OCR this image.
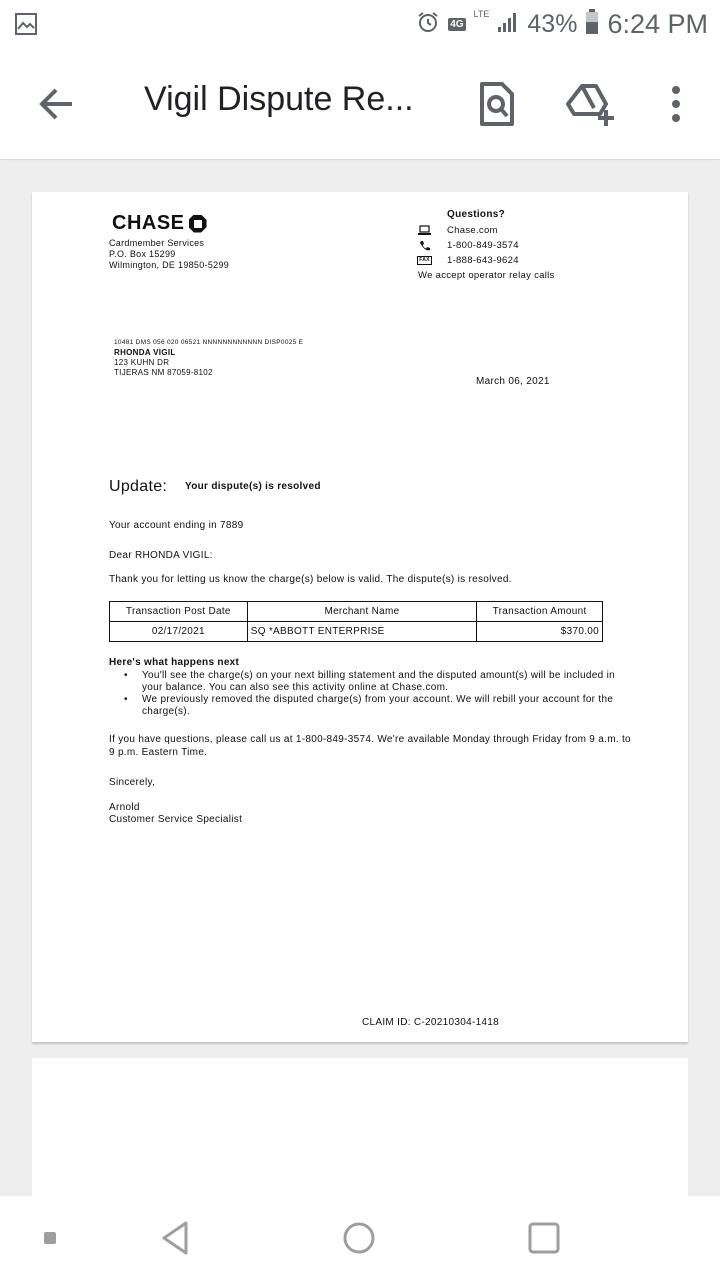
4G
LTE 43% 6:24 PM
Vigil Dispute Re...
CHASE
Cardmember Services
P.O. Box 15299
Wilmington, DE 19850-5299
Questions?
Chase.com
1-800-849-3574
FAX 1-888-643-9624
We accept operator relay calls
10481 DMS 056 020 06521 NNNNNNNNNNNN DISP0025 E
RHONDA VIGIL
123 KUHN DR
TIJERAS NM 87059-8102
March 06, 2021
Update: Your dispute(s) is resolved
Your account ending in 7889
Dear RHONDA VIGIL:
Thank you for letting us know the charge(s) below is valid. The dispute(s) is resolved.
Transaction Post Date	Merchant Name	Transaction Amount
02/17/2021	SQ *ABBOTT ENTERPRISE	$370.00
Here's what happens next
• You'll see the charge(s) on your next billing statement and the disputed amount(s) will be included in your balance. You can also see this activity online at Chase.com.
• We previously removed the disputed charge(s) from your account. We will rebill your account for the charge(s).
If you have questions, please call us at 1-800-849-3574. We're available Monday through Friday from 9 a.m. to 9 p.m. Eastern Time.
Sincerely,
Arnold
Customer Service Specialist
CLAIM ID: C-20210304-1418
